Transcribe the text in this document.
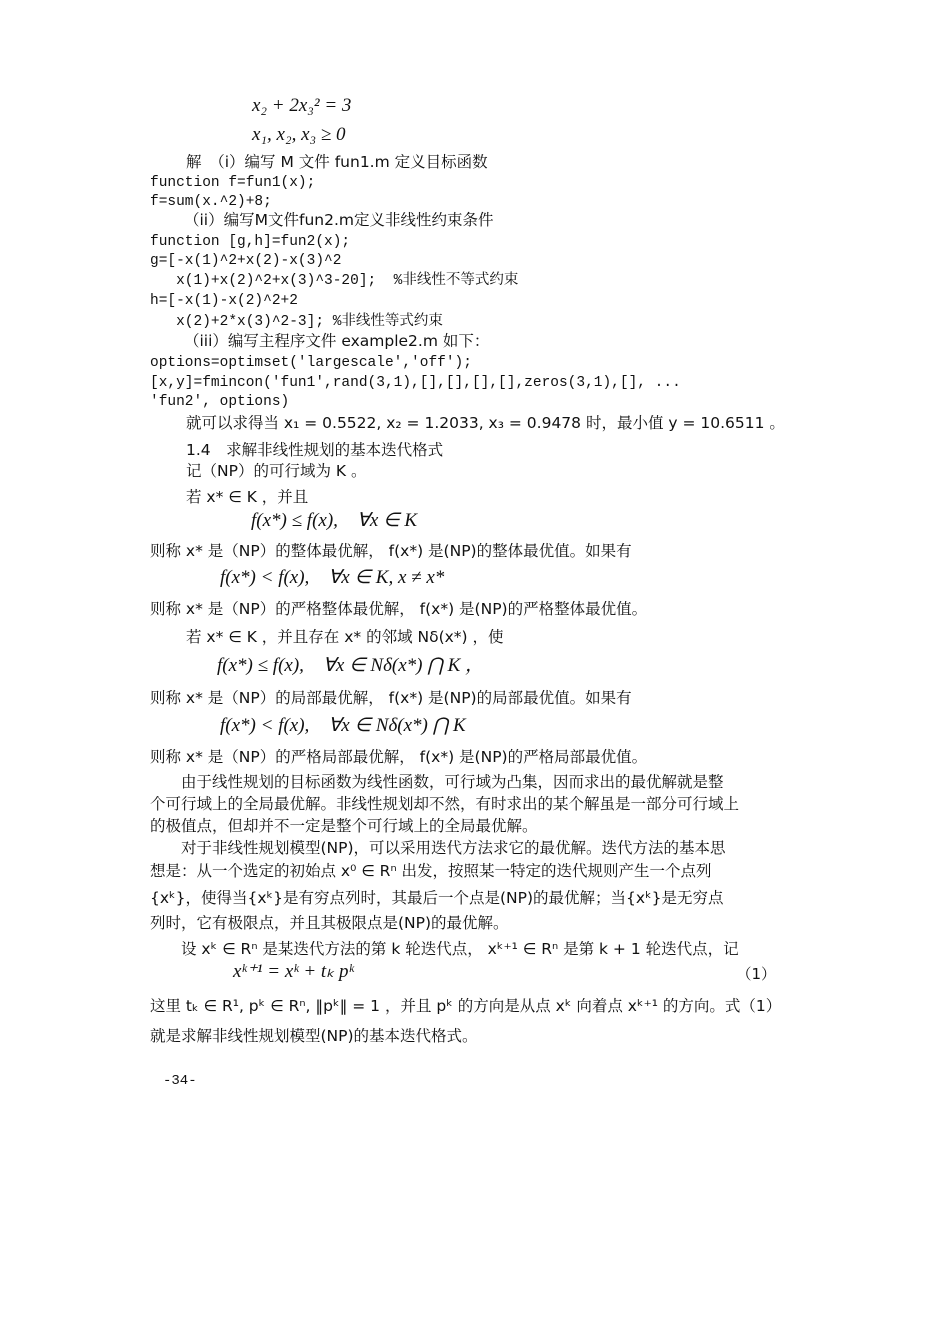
x₂ + 2x₃² = 3
x₁, x₂, x₃ ≥ 0
解　（i）编写 M 文件 fun1.m 定义目标函数
function f=fun1(x);
f=sum(x.^2)+8;
（ii）编写M文件fun2.m定义非线性约束条件
function [g,h]=fun2(x);
g=[-x(1)^2+x(2)-x(3)^2
x(1)+x(2)^2+x(3)^3-20];  %非线性不等式约束
h=[-x(1)-x(2)^2+2
x(2)+2*x(3)^2-3]; %非线性等式约束
（iii）编写主程序文件 example2.m 如下：
options=optimset('largescale','off');
[x,y]=fmincon('fun1',rand(3,1),[],[],[],[],zeros(3,1),[], ...
'fun2', options)
就可以求得当 x₁ = 0.5522, x₂ = 1.2033, x₃ = 0.9478 时，最小值 y = 10.6511 。
1.4　求解非线性规划的基本迭代格式
记（NP）的可行域为 K 。
若 x* ∈ K ，并且
f(x*) ≤ f(x),    ∀x ∈ K
则称 x* 是（NP）的整体最优解， f(x*) 是(NP)的整体最优值。如果有
f(x*) < f(x),    ∀x ∈ K, x ≠ x*
则称 x* 是（NP）的严格整体最优解， f(x*) 是(NP)的严格整体最优值。
若 x* ∈ K ，并且存在 x* 的邻域 Nδ(x*) ，使
f(x*) ≤ f(x),    ∀x ∈ Nδ(x*) ⋂ K ，
则称 x* 是（NP）的局部最优解， f(x*) 是(NP)的局部最优值。如果有
f(x*) < f(x),    ∀x ∈ Nδ(x*) ⋂ K
则称 x* 是（NP）的严格局部最优解， f(x*) 是(NP)的严格局部最优值。
　　由于线性规划的目标函数为线性函数，可行域为凸集，因而求出的最优解就是整
个可行域上的全局最优解。非线性规划却不然，有时求出的某个解虽是一部分可行域上
的极值点，但却并不一定是整个可行域上的全局最优解。
　　对于非线性规划模型(NP)，可以采用迭代方法求它的最优解。迭代方法的基本思
想是：从一个选定的初始点 x⁰ ∈ Rⁿ 出发，按照某一特定的迭代规则产生一个点列
{xᵏ}，使得当{xᵏ}是有穷点列时，其最后一个点是(NP)的最优解；当{xᵏ}是无穷点
列时，它有极限点，并且其极限点是(NP)的最优解。
　　设 xᵏ ∈ Rⁿ 是某迭代方法的第 k 轮迭代点， xᵏ⁺¹ ∈ Rⁿ 是第 k + 1 轮迭代点，记
xᵏ⁺¹ = xᵏ + tₖ pᵏ	（1）
这里 tₖ ∈ R¹, pᵏ ∈ Rⁿ, ‖pᵏ‖ = 1 ，并且 pᵏ 的方向是从点 xᵏ 向着点 xᵏ⁺¹ 的方向。式（1）
就是求解非线性规划模型(NP)的基本迭代格式。
-34-
